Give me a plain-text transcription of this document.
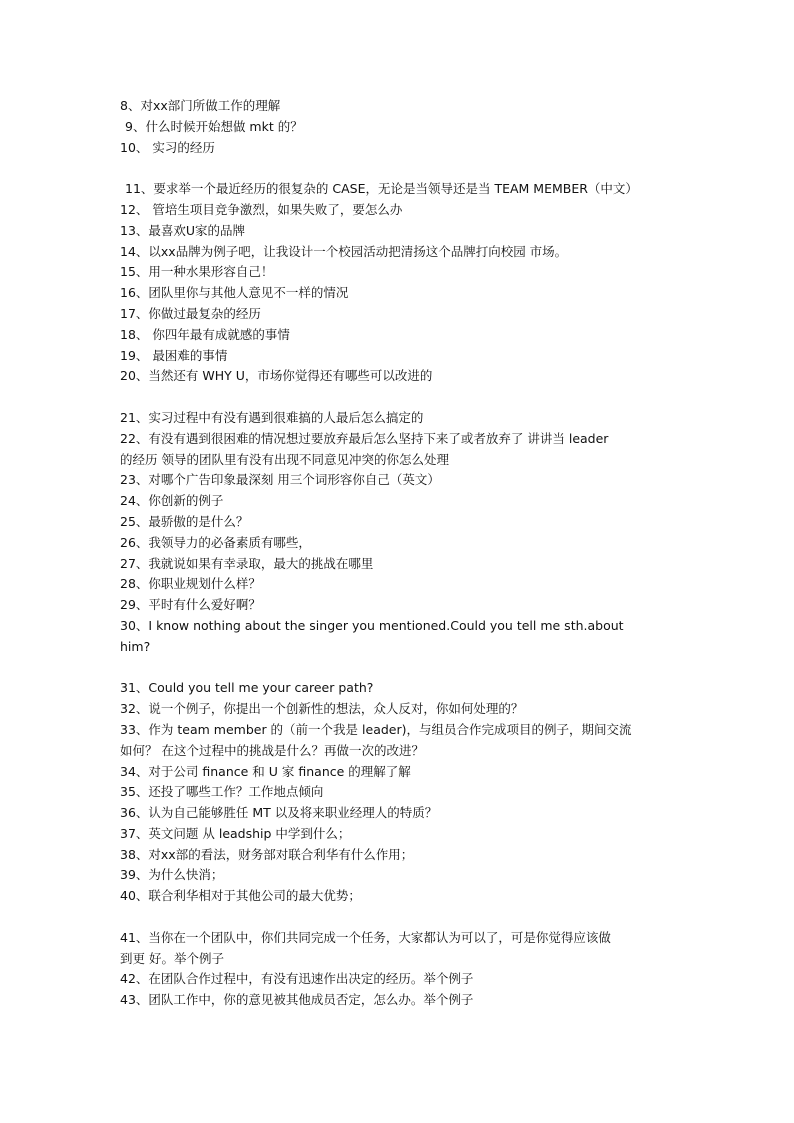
8、对xx部门所做工作的理解
9、什么时候开始想做 mkt 的？
10、 实习的经历
11、要求举一个最近经历的很复杂的 CASE，无论是当领导还是当 TEAM MEMBER（中文）
12、 管培生项目竞争激烈，如果失败了，要怎么办
13、最喜欢U家的品牌
14、以xx品牌为例子吧，让我设计一个校园活动把清扬这个品牌打向校园 市场。
15、用一种水果形容自己！
16、团队里你与其他人意见不一样的情况
17、你做过最复杂的经历
18、 你四年最有成就感的事情
19、 最困难的事情
20、当然还有 WHY U，市场你觉得还有哪些可以改进的
21、实习过程中有没有遇到很难搞的人最后怎么搞定的
22、有没有遇到很困难的情况想过要放弃最后怎么坚持下来了或者放弃了 讲讲当 leader
的经历 领导的团队里有没有出现不同意见冲突的你怎么处理
23、对哪个广告印象最深刻 用三个词形容你自己（英文）
24、你创新的例子
25、最骄傲的是什么？
26、我领导力的必备素质有哪些，
27、我就说如果有幸录取，最大的挑战在哪里
28、你职业规划什么样？
29、平时有什么爱好啊？
30、I know nothing about the singer you mentioned.Could you tell me sth.about
him?
31、Could you tell me your career path?
32、说一个例子，你提出一个创新性的想法，众人反对，你如何处理的？
33、作为 team member 的（前一个我是 leader)，与组员合作完成项目的例子，期间交流
如何？ 在这个过程中的挑战是什么？再做一次的改进？
34、对于公司 finance 和 U 家 finance 的理解了解
35、还投了哪些工作？工作地点倾向
36、认为自己能够胜任 MT 以及将来职业经理人的特质？
37、英文问题 从 leadship 中学到什么；
38、对xx部的看法，财务部对联合利华有什么作用；
39、为什么快消；
40、联合利华相对于其他公司的最大优势；
41、当你在一个团队中，你们共同完成一个任务，大家都认为可以了，可是你觉得应该做
到更 好。举个例子
42、在团队合作过程中，有没有迅速作出决定的经历。举个例子
43、团队工作中，你的意见被其他成员否定，怎么办。举个例子
